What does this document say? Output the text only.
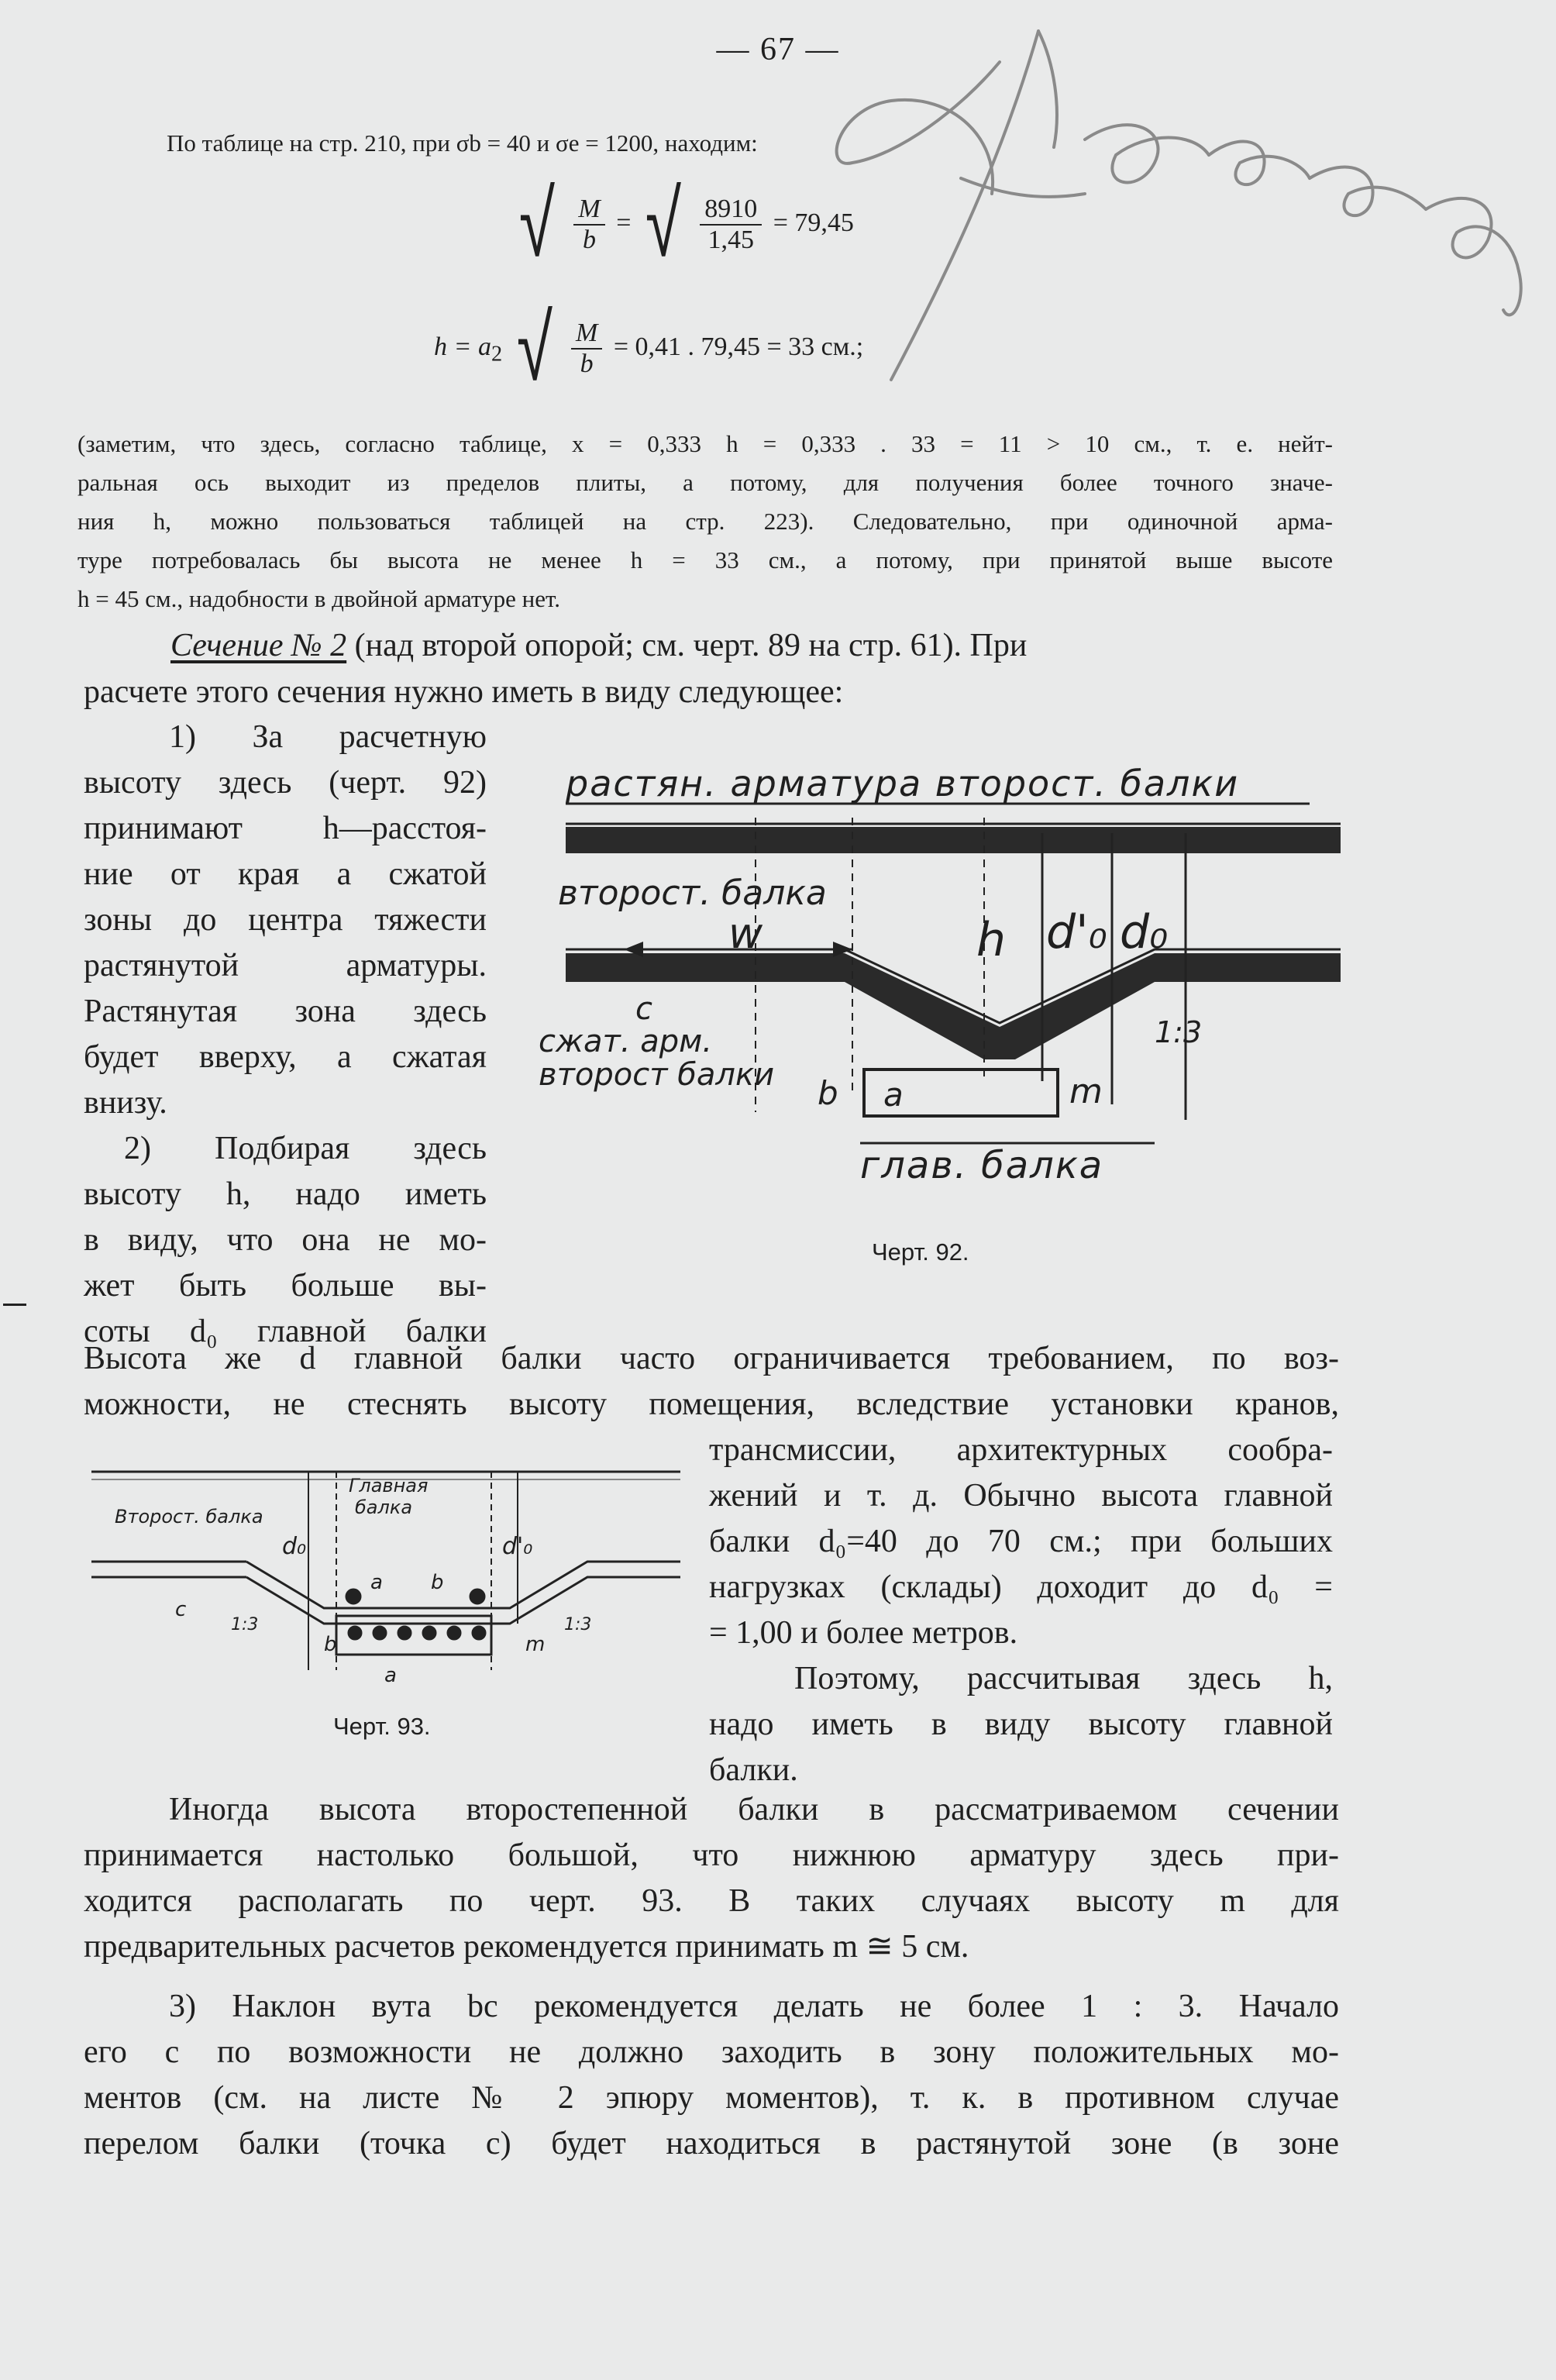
— 67 —
По таблице на стр. 210, при σb = 40 и σe = 1200, находим:
√ $\frac{M}{b}$ = √ $\frac{8910}{1,45} = 79,45$
$h = a_2$ √ $\frac{M}{b} = 0,41$ . 79,45 = 33 см.;
(заметим, что здесь, согласно таблице, x = 0,333 h = 0,333 . 33 = 11 > 10 см., т. е. нейт-
ральная ось выходит из пределов плиты, а потому, для получения более точного значе-
ния h, можно пользоваться таблицей на стр. 223). Следовательно, при одиночной арма-
туре потребовалась бы высота не менее h = 33 см., а потому, при принятой выше высоте
h = 45 см., надобности в двойной арматуре нет.
Сечение № 2 (над второй опорой; см. черт. 89 на стр. 61). При
расчете этого сечения нужно иметь в виду следующее:
1) За расчетную
высоту здесь (черт. 92)
принимают h—расстоя-
ние от края a сжатой
зоны до центра тяжести
растянутой арматуры.
Растянутая зона здесь
будет вверху, а сжатая
внизу.
2) Подбирая здесь
высоту h, надо иметь
в виду, что она не мо-
жет быть больше вы-
соты d₀ главной балки
растян. арматура второст. балки
второст. балка
w	h d'₀ d₀
c
1:3
сжат. арм.
второст балки b a	m
глав. балка
Черт. 92.
Высота же d главной балки часто ограничивается требованием, по воз-
можности, не стеснять высоту помещения, вследствие установки кранов,
Главная
балка
Второст. балка
d₀	d'₀
a b
c
1:3	1:3
b	m
a
Черт. 93.
трансмиссии, архитектурных сообра-
жений и т. д. Обычно высота главной
балки d₀=40 до 70 см.; при больших
нагрузках (склады) доходит до d₀ =
= 1,00 и более метров.
Поэтому, рассчитывая здесь h,
надо иметь в виду высоту главной
балки.
Иногда высота второстепенной балки в рассматриваемом сечении
принимается настолько большой, что нижнюю арматуру здесь при-
ходится располагать по черт. 93. В таких случаях высоту m для
предварительных расчетов рекомендуется принимать m ≅ 5 см.
3) Наклон вута bc рекомендуется делать не более 1 : 3. Начало
его c по возможности не должно заходить в зону положительных мо-
ментов (см. на листе № 2 эпюру моментов), т. к. в противном случае
перелом балки (точка c) будет находиться в растянутой зоне (в зоне
